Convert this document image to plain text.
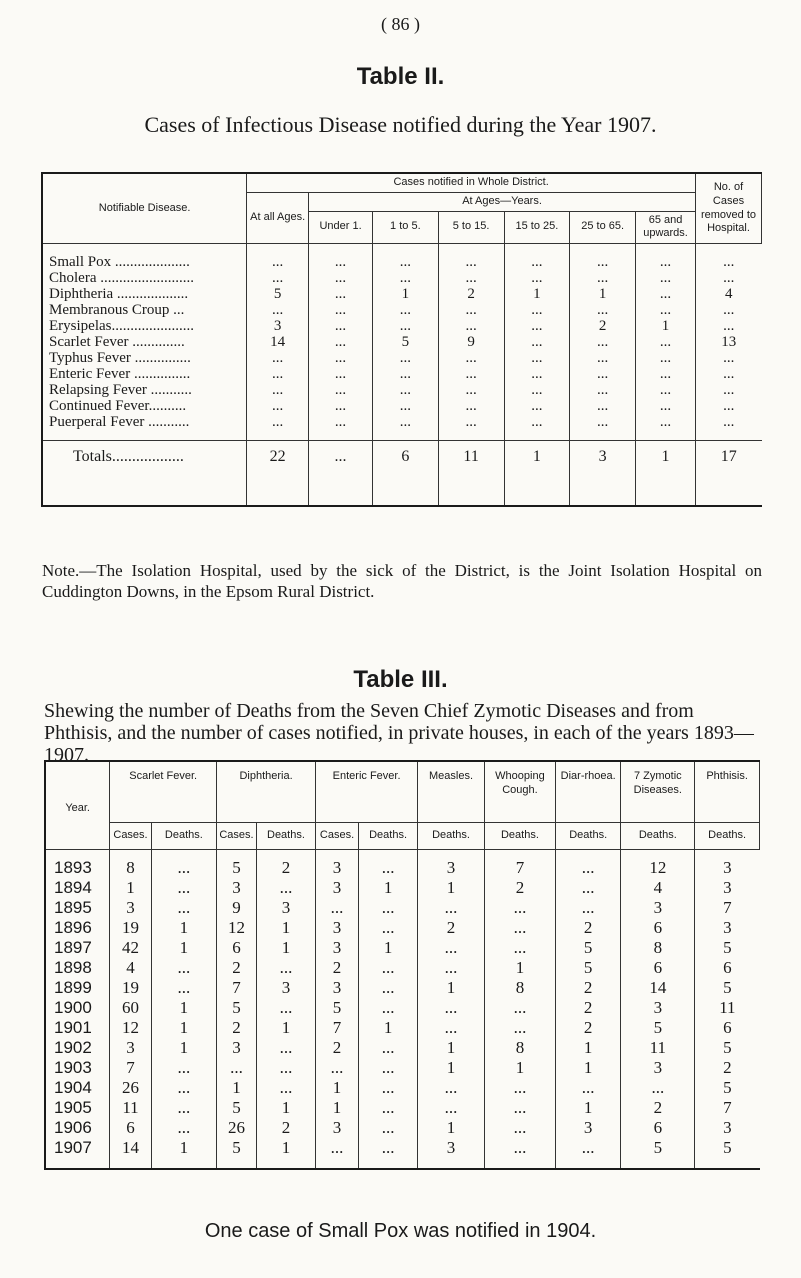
( 86 )
Table II.
Cases of Infectious Disease notified during the Year 1907.
Notifiable Disease.	Cases notified in Whole District.							No. of Cases removed to Hospital.
	At all Ages.	At Ages—Years.						
		Under 1.	1 to 5.	5 to 15.	15 to 25.	25 to 65.	65 and upwards.	
Small Pox ....................	...	...	...	...	...	...	...	...
Cholera .........................	...	...	...	...	...	...	...	...
Diphtheria ...................	5	...	1	2	1	1	...	4
Membranous Croup ...	...	...	...	...	...	...	...	...
Erysipelas......................	3	...	...	...	...	2	1	...
Scarlet Fever ..............	14	...	5	9	...	...	...	13
Typhus Fever ...............	...	...	...	...	...	...	...	...
Enteric Fever ...............	...	...	...	...	...	...	...	...
Relapsing Fever ...........	...	...	...	...	...	...	...	...
Continued Fever..........	...	...	...	...	...	...	...	...
Puerperal Fever ...........	...	...	...	...	...	...	...	...
Totals..................	22	...	6	11	1	3	1	17
Note.—The Isolation Hospital, used by the sick of the District, is the Joint Isolation Hospital on Cuddington Downs, in the Epsom Rural District.
Table III.
Shewing the number of Deaths from the Seven Chief Zymotic Diseases and from Phthisis, and the number of cases notified, in private houses, in each of the years 1893—1907.
Year.	Scarlet Fever.		Diphtheria.		Enteric Fever.		Measles.	Whooping Cough.	Diar-rhoea.	7 Zymotic Diseases.	Phthisis.
	Cases.	Deaths.	Cases.	Deaths.	Cases.	Deaths.	Deaths.	Deaths.	Deaths.	Deaths.	Deaths.
1893	8	...	5	2	3	...	3	7	...	12	3
1894	1	...	3	...	3	1	1	2	...	4	3
1895	3	...	9	3	...	...	...	...	...	3	7
1896	19	1	12	1	3	...	2	...	2	6	3
1897	42	1	6	1	3	1	...	...	5	8	5
1898	4	...	2	...	2	...	...	1	5	6	6
1899	19	...	7	3	3	...	1	8	2	14	5
1900	60	1	5	...	5	...	...	...	2	3	11
1901	12	1	2	1	7	1	...	...	2	5	6
1902	3	1	3	...	2	...	1	8	1	11	5
1903	7	...	...	...	...	...	1	1	1	3	2
1904	26	...	1	...	1	...	...	...	...	...	5
1905	11	...	5	1	1	...	...	...	1	2	7
1906	6	...	26	2	3	...	1	...	3	6	3
1907	14	1	5	1	...	...	3	...	...	5	5
One case of Small Pox was notified in 1904.
